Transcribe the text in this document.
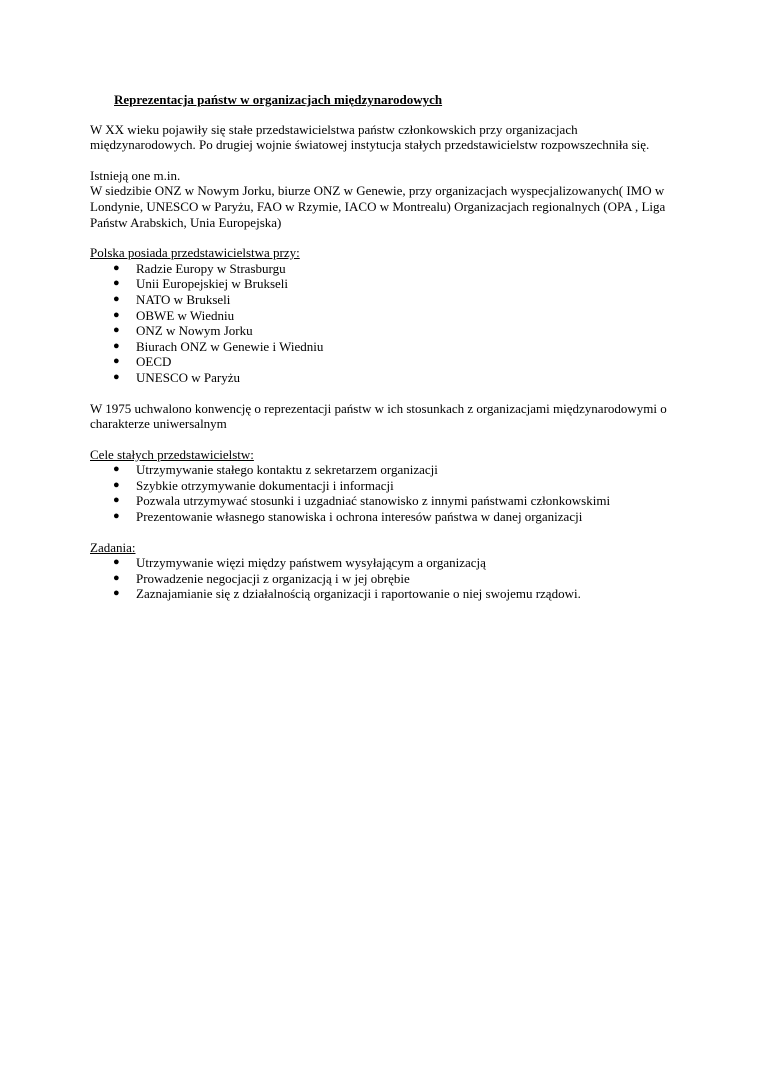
Reprezentacja państw w organizacjach międzynarodowych

W XX wieku pojawiły się stałe przedstawicielstwa państw członkowskich przy organizacjach
międzynarodowych. Po drugiej wojnie światowej instytucja stałych przedstawicielstw rozpowszechniła się.
Istnieją one m.in.
W siedzibie ONZ w Nowym Jorku, biurze ONZ w Genewie, przy organizacjach wyspecjalizowanych( IMO w
Londynie, UNESCO w Paryżu, FAO w Rzymie, IACO w Montrealu) Organizacjach regionalnych (OPA , Liga
Państw Arabskich, Unia Europejska)

Polska posiada przedstawicielstwa przy:

● Radzie Europy w Strasburgu
● Unii Europejskiej w Brukseli
● NATO w Brukseli
● OBWE w Wiedniu
● ONZ w Nowym Jorku
● Biurach ONZ w Genewie i Wiedniu
● OECD
● UNESCO w Paryżu
W 1975 uchwalono konwencję o reprezentacji państw w ich stosunkach z organizacjami międzynarodowymi o
charakterze uniwersalnym

Cele stałych przedstawicielstw:

● Utrzymywanie stałego kontaktu z sekretarzem organizacji
● Szybkie otrzymywanie dokumentacji i informacji
● Pozwala utrzymywać stosunki i uzgadniać stanowisko z innymi państwami członkowskimi
● Prezentowanie własnego stanowiska i ochrona interesów państwa w danej organizacji

Zadania:

● Utrzymywanie więzi między państwem wysyłającym a organizacją
● Prowadzenie negocjacji z organizacją i w jej obrębie
● Zaznajamianie się z działalnością organizacji i raportowanie o niej swojemu rządowi.
